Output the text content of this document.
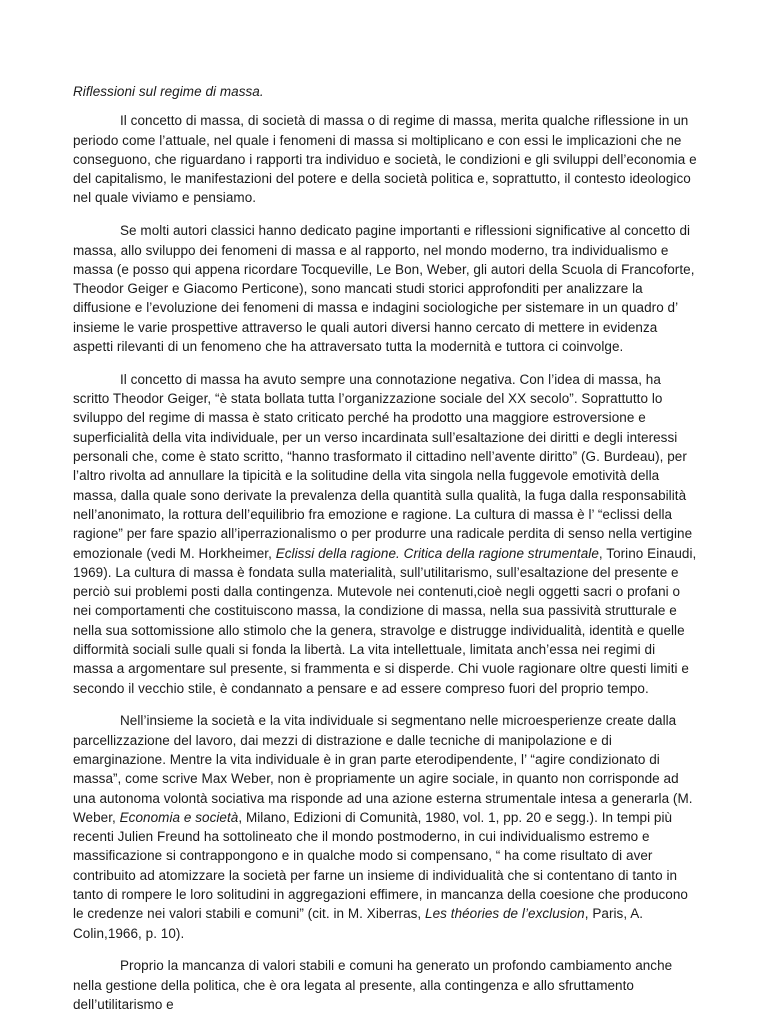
Riflessioni sul regime di massa.

Il concetto di massa, di società di massa o di regime di massa, merita qualche riflessione in un periodo come l’attuale, nel quale i fenomeni di massa si moltiplicano e con essi le implicazioni che ne conseguono, che riguardano i rapporti tra individuo e società, le condizioni e gli sviluppi dell’economia e del capitalismo, le manifestazioni del potere e della società politica e, soprattutto, il contesto ideologico nel quale viviamo e pensiamo.

Se molti autori classici hanno dedicato pagine importanti e riflessioni significative al concetto di massa, allo sviluppo dei fenomeni di massa e al rapporto, nel mondo moderno, tra individualismo e massa (e posso qui appena ricordare Tocqueville, Le Bon, Weber, gli autori della Scuola di Francoforte, Theodor Geiger e Giacomo Perticone), sono mancati studi storici approfonditi per analizzare la diffusione e l’evoluzione dei fenomeni di massa e indagini sociologiche per sistemare in un quadro d’ insieme le varie prospettive attraverso le quali autori diversi hanno cercato di mettere in evidenza aspetti rilevanti di un fenomeno che ha attraversato tutta la modernità e tuttora ci coinvolge.

Il concetto di massa ha avuto sempre una connotazione negativa. Con l’idea di massa, ha scritto Theodor Geiger, “è stata bollata tutta l’organizzazione sociale del XX secolo”. Soprattutto lo sviluppo del regime di massa è stato criticato perché ha prodotto una maggiore estroversione e superficialità della vita individuale, per un verso incardinata sull’esaltazione dei diritti e degli interessi personali che, come è stato scritto, “hanno trasformato il cittadino nell’avente diritto” (G. Burdeau), per l’altro rivolta ad annullare la tipicità e la solitudine della vita singola nella fuggevole emotività della massa, dalla quale sono derivate la prevalenza della quantità sulla qualità, la fuga dalla responsabilità nell’anonimato, la rottura dell’equilibrio fra emozione e ragione. La cultura di massa è l’ “eclissi della ragione” per fare spazio all’iperrazionalismo o per produrre una radicale perdita di senso nella vertigine emozionale (vedi M. Horkheimer, Eclissi della ragione. Critica della ragione strumentale, Torino Einaudi, 1969). La cultura di massa è fondata sulla materialità, sull’utilitarismo, sull’esaltazione del presente e perciò sui problemi posti dalla contingenza. Mutevole nei contenuti,cioè negli oggetti sacri o profani o nei comportamenti che costituiscono massa, la condizione di massa, nella sua passività strutturale e nella sua sottomissione allo stimolo che la genera, stravolge e distrugge individualità, identità e quelle difformità sociali sulle quali si fonda la libertà. La vita intellettuale, limitata anch’essa nei regimi di massa a argomentare sul presente, si frammenta e si disperde. Chi vuole ragionare oltre questi limiti e secondo il vecchio stile, è condannato a pensare e ad essere compreso fuori del proprio tempo.

Nell’insieme la società e la vita individuale si segmentano nelle microesperienze create dalla parcellizzazione del lavoro, dai mezzi di distrazione e dalle tecniche di manipolazione e di emarginazione. Mentre la vita individuale è in gran parte eterodipendente, l’ “agire condizionato di massa”, come scrive Max Weber, non è propriamente un agire sociale, in quanto non corrisponde ad una autonoma volontà sociativa ma risponde ad una azione esterna strumentale intesa a generarla (M. Weber, Economia e società, Milano, Edizioni di Comunità, 1980, vol. 1, pp. 20 e segg.). In tempi più recenti Julien Freund ha sottolineato che il mondo postmoderno, in cui individualismo estremo e massificazione si contrappongono e in qualche modo si compensano, “ ha come risultato di aver contribuito ad atomizzare la società per farne un insieme di individualità che si contentano di tanto in tanto di rompere le loro solitudini in aggregazioni effimere, in mancanza della coesione che producono le credenze nei valori stabili e comuni” (cit. in M. Xiberras, Les théories de l’exclusion, Paris, A. Colin,1966, p. 10).

Proprio la mancanza di valori stabili e comuni ha generato un profondo cambiamento anche nella gestione della politica, che è ora legata al presente, alla contingenza e allo sfruttamento dell’utilitarismo e
